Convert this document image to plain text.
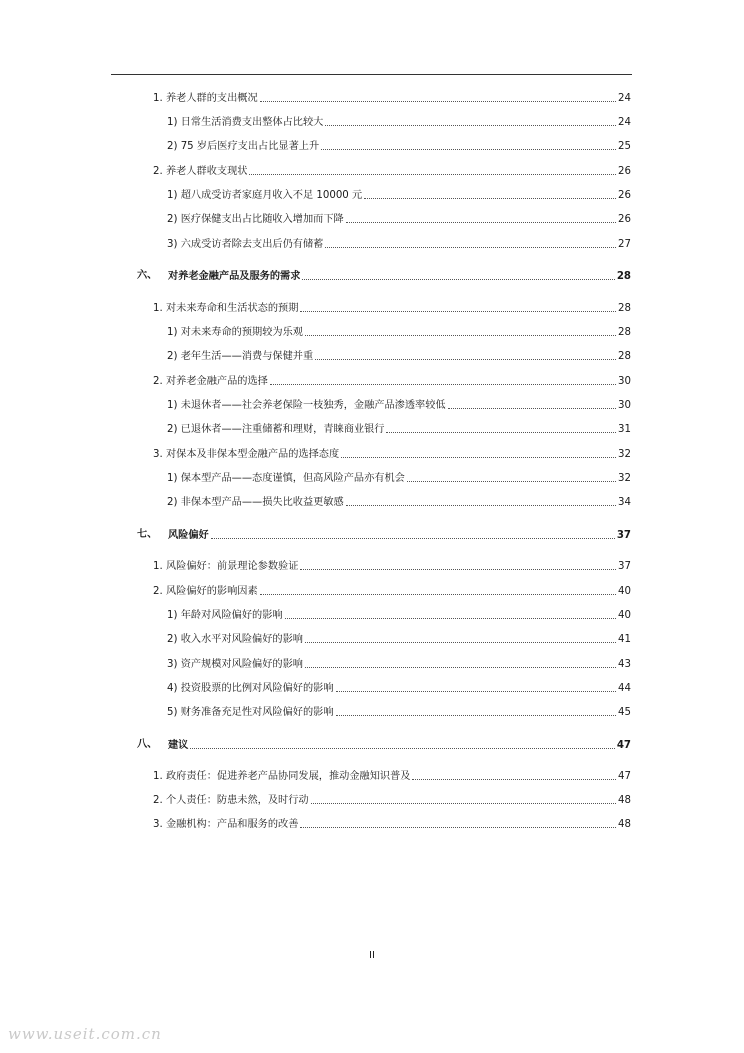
1. 养老人群的支出概况	24
1) 日常生活消费支出整体占比较大	24
2) 75 岁后医疗支出占比显著上升	25
2. 养老人群收支现状	26
1) 超八成受访者家庭月收入不足 10000 元	26
2) 医疗保健支出占比随收入增加而下降	26
3) 六成受访者除去支出后仍有储蓄	27
六、 对养老金融产品及服务的需求	28
1. 对未来寿命和生活状态的预期	28
1) 对未来寿命的预期较为乐观	28
2) 老年生活——消费与保健并重	28
2. 对养老金融产品的选择	30
1) 未退休者——社会养老保险一枝独秀，金融产品渗透率较低	30
2) 已退休者——注重储蓄和理财，青睐商业银行	31
3. 对保本及非保本型金融产品的选择态度	32
1) 保本型产品——态度谨慎，但高风险产品亦有机会	32
2) 非保本型产品——损失比收益更敏感	34
七、 风险偏好	37
1. 风险偏好：前景理论参数验证	37
2. 风险偏好的影响因素	40
1) 年龄对风险偏好的影响	40
2) 收入水平对风险偏好的影响	41
3) 资产规模对风险偏好的影响	43
4) 投资股票的比例对风险偏好的影响	44
5) 财务准备充足性对风险偏好的影响	45
八、 建议	47
1. 政府责任：促进养老产品协同发展，推动金融知识普及	47
2. 个人责任：防患未然，及时行动	48
3. 金融机构：产品和服务的改善	48
II
www.useit.com.cn
